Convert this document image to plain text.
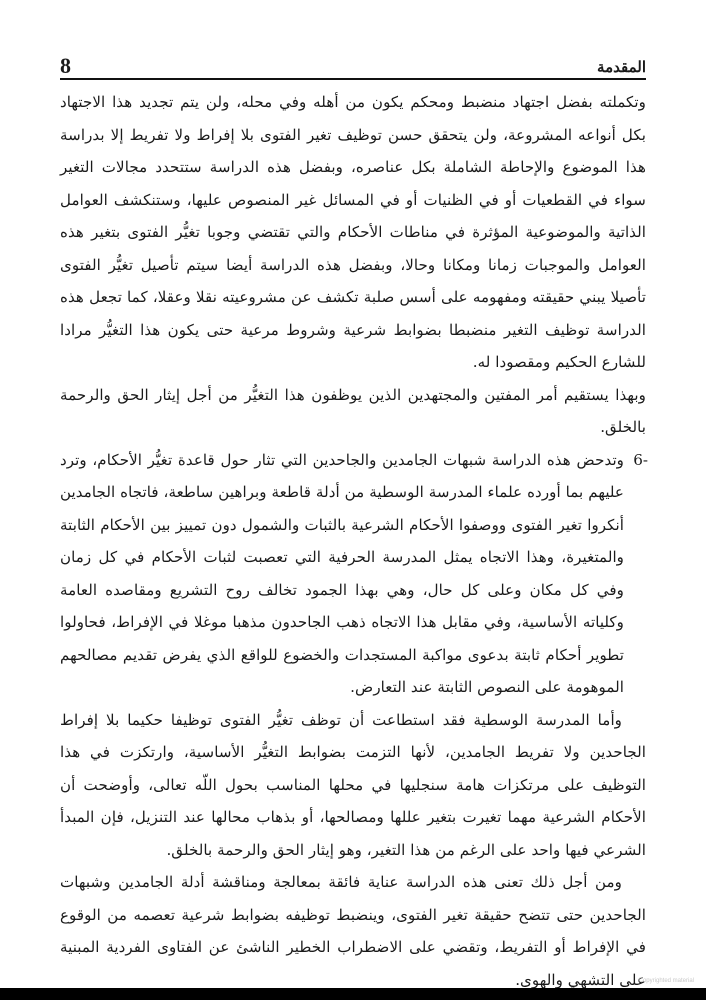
8	المقدمة

وتكملته بفضل اجتهاد منضبط ومحكم يكون من أهله وفي محله، ولن يتم تجديد هذا الاجتهاد بكل أنواعه المشروعة، ولن يتحقق حسن توظيف تغير الفتوى بلا إفراط ولا تفريط إلا بدراسة هذا الموضوع والإحاطة الشاملة بكل عناصره، وبفضل هذه الدراسة ستتحدد مجالات التغير سواء في القطعيات أو في الظنيات أو في المسائل غير المنصوص عليها، وستنكشف العوامل الذاتية والموضوعية المؤثرة في مناطات الأحكام والتي تقتضي وجوبا تغيُّر الفتوى بتغير هذه العوامل والموجبات زمانا ومكانا وحالا، وبفضل هذه الدراسة أيضا سيتم تأصيل تغيُّر الفتوى تأصيلا يبني حقيقته ومفهومه على أسس صلبة تكشف عن مشروعيته نقلا وعقلا، كما تجعل هذه الدراسة توظيف التغير منضبطا بضوابط شرعية وشروط مرعية حتى يكون هذا التغيُّر مرادا للشارع الحكيم ومقصودا له.

وبهذا يستقيم أمر المفتين والمجتهدين الذين يوظفون هذا التغيُّر من أجل إيثار الحق والرحمة بالخلق.

6-
وتدحض هذه الدراسة شبهات الجامدين والجاحدين التي تثار حول قاعدة تغيُّر الأحكام، وترد عليهم بما أورده علماء المدرسة الوسطية من أدلة قاطعة وبراهين ساطعة، فاتجاه الجامدين أنكروا تغير الفتوى ووصفوا الأحكام الشرعية بالثبات والشمول دون تمييز بين الأحكام الثابتة والمتغيرة، وهذا الاتجاه يمثل المدرسة الحرفية التي تعصبت لثبات الأحكام في كل زمان وفي كل مكان وعلى كل حال، وهي بهذا الجمود تخالف روح التشريع ومقاصده العامة وكلياته الأساسية، وفي مقابل هذا الاتجاه ذهب الجاحدون مذهبا موغلا في الإفراط، فحاولوا تطوير أحكام ثابتة بدعوى مواكبة المستجدات والخضوع للواقع الذي يفرض تقديم مصالحهم الموهومة على النصوص الثابتة عند التعارض.

وأما المدرسة الوسطية فقد استطاعت أن توظف تغيُّر الفتوى توظيفا حكيما بلا إفراط الجاحدين ولا تفريط الجامدين، لأنها التزمت بضوابط التغيُّر الأساسية، وارتكزت في هذا التوظيف على مرتكزات هامة سنجليها في محلها المناسب بحول اللّه تعالى، وأوضحت أن الأحكام الشرعية مهما تغيرت بتغير عللها ومصالحها، أو بذهاب محالها عند التنزيل، فإن المبدأ الشرعي فيها واحد على الرغم من هذا التغير، وهو إيثار الحق والرحمة بالخلق.

ومن أجل ذلك تعنى هذه الدراسة عناية فائقة بمعالجة ومناقشة أدلة الجامدين وشبهات الجاحدين حتى تتضح حقيقة تغير الفتوى، وينضبط توظيفه بضوابط شرعية تعصمه من الوقوع في الإفراط أو التفريط، وتقضي على الاضطراب الخطير الناشئ عن الفتاوى الفردية المبنية على التشهي والهوى.

Copyrighted material
